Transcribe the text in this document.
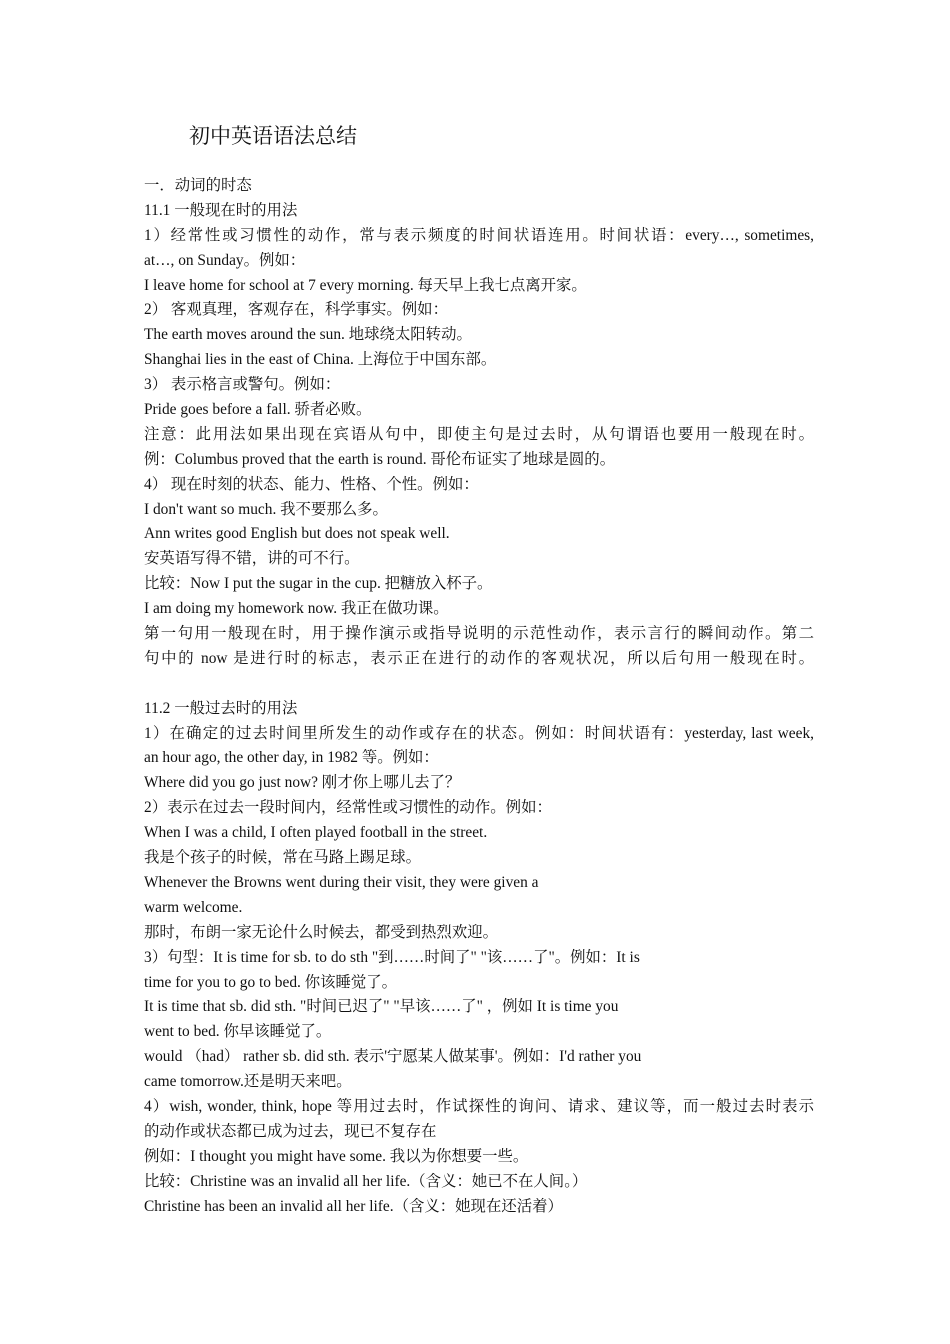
初中英语语法总结
一．动词的时态
11.1 一般现在时的用法
1）经常性或习惯性的动作，常与表示频度的时间状语连用。时间状语：every…, sometimes,
at…, on Sunday。例如：
I leave home for school at 7 every morning. 每天早上我七点离开家。
2） 客观真理，客观存在，科学事实。例如：
The earth moves around the sun. 地球绕太阳转动。
Shanghai lies in the east of China. 上海位于中国东部。
3） 表示格言或警句。例如：
Pride goes before a fall. 骄者必败。
注意：此用法如果出现在宾语从句中，即使主句是过去时，从句谓语也要用一般现在时。
例：Columbus proved that the earth is round. 哥伦布证实了地球是圆的。
4） 现在时刻的状态、能力、性格、个性。例如：
I don't want so much. 我不要那么多。
Ann writes good English but does not speak well.
安英语写得不错，讲的可不行。
比较：Now I put the sugar in the cup. 把糖放入杯子。
I am doing my homework now. 我正在做功课。
第一句用一般现在时，用于操作演示或指导说明的示范性动作，表示言行的瞬间动作。第二
句中的 now 是进行时的标志，表示正在进行的动作的客观状况，所以后句用一般现在时。
11.2 一般过去时的用法
1）在确定的过去时间里所发生的动作或存在的状态。例如：时间状语有：yesterday, last week,
an hour ago, the other day, in 1982 等。例如：
Where did you go just now? 刚才你上哪儿去了？
2）表示在过去一段时间内，经常性或习惯性的动作。例如：
When I was a child, I often played football in the street.
我是个孩子的时候，常在马路上踢足球。
Whenever the Browns went during their visit, they were given a
warm welcome.
那时，布朗一家无论什么时候去，都受到热烈欢迎。
3）句型：It is time for sb. to do sth "到……时间了" "该……了"。例如：It is
time for you to go to bed. 你该睡觉了。
It is time that sb. did sth. "时间已迟了" "早该……了" ，例如 It is time you
went to bed. 你早该睡觉了。
would （had） rather sb. did sth. 表示'宁愿某人做某事'。例如：I'd rather you
came tomorrow.还是明天来吧。
4）wish, wonder, think, hope 等用过去时，作试探性的询问、请求、建议等，而一般过去时表示
的动作或状态都已成为过去，现已不复存在
例如：I thought you might have some. 我以为你想要一些。
比较：Christine was an invalid all her life.（含义：她已不在人间。）
Christine has been an invalid all her life.（含义：她现在还活着）
